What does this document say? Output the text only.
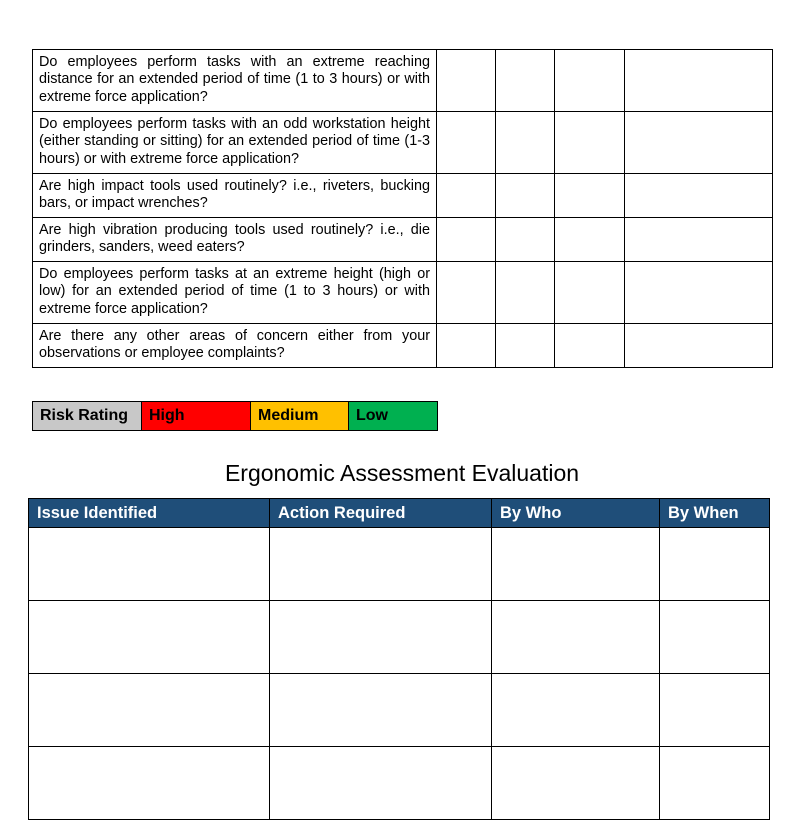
Do employees perform tasks with an extreme reaching distance for an extended period of time (1 to 3 hours) or with extreme force application?				
Do employees perform tasks with an odd workstation height (either standing or sitting) for an extended period of time (1-3 hours) or with extreme force application?				
Are high impact tools used routinely? i.e., riveters, bucking bars, or impact wrenches?				
Are high vibration producing tools used routinely? i.e., die grinders, sanders, weed eaters?				
Do employees perform tasks at an extreme height (high or low) for an extended period of time (1 to 3 hours) or with extreme force application?				
Are there any other areas of concern either from your observations or employee complaints?				
Risk Rating	High	Medium	Low
Ergonomic Assessment Evaluation
Issue Identified	Action Required	By Who	By When
